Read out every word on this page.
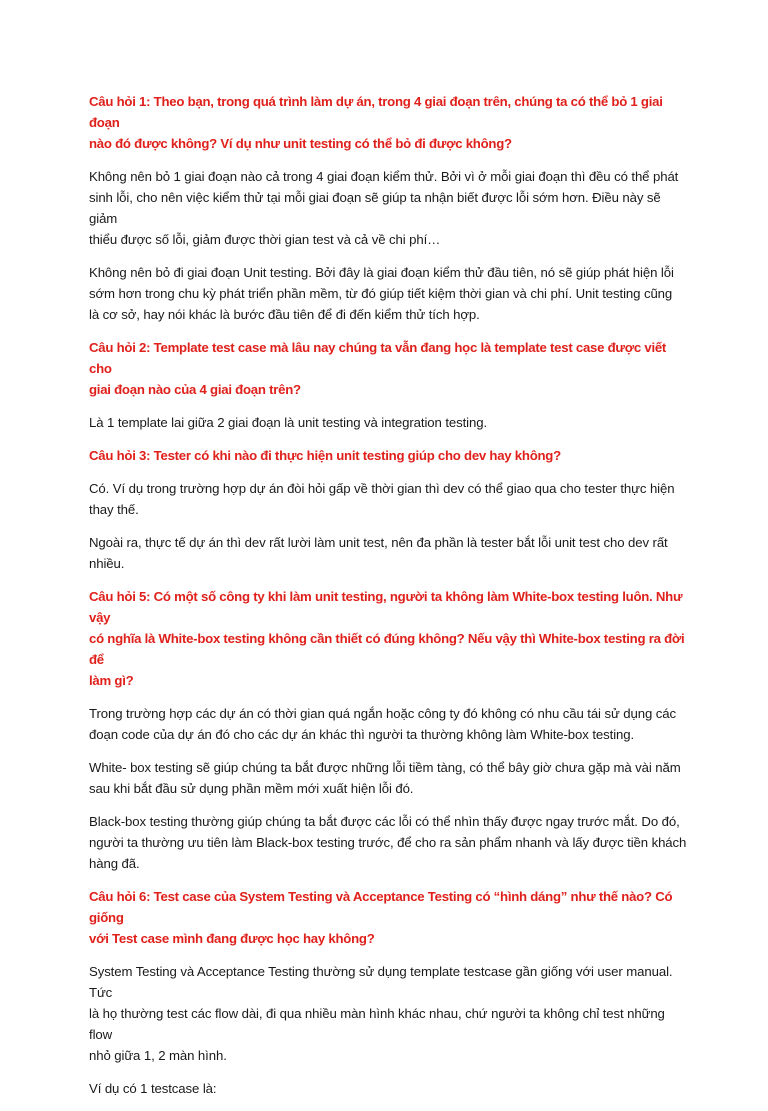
Câu hỏi 1: Theo bạn, trong quá trình làm dự án, trong 4 giai đoạn trên, chúng ta có thể bỏ 1 giai đoạn
nào đó được không? Ví dụ như unit testing có thể bỏ đi được không?

Không nên bỏ 1 giai đoạn nào cả trong 4 giai đoạn kiểm thử. Bởi vì ở mỗi giai đoạn thì đều có thể phát
sinh lỗi, cho nên việc kiểm thử tại mỗi giai đoạn sẽ giúp ta nhận biết được lỗi sớm hơn. Điều này sẽ giảm
thiểu được số lỗi, giảm được thời gian test và cả về chi phí…

Không nên bỏ đi giai đoạn Unit testing. Bởi đây là giai đoạn kiểm thử đầu tiên, nó sẽ giúp phát hiện lỗi
sớm hơn trong chu kỳ phát triển phần mềm, từ đó giúp tiết kiệm thời gian và chi phí. Unit testing cũng
là cơ sở, hay nói khác là bước đầu tiên để đi đến kiểm thử tích hợp.

Câu hỏi 2: Template test case mà lâu nay chúng ta vẫn đang học là template test case được viết cho
giai đoạn nào của 4 giai đoạn trên?

Là 1 template lai giữa 2 giai đoạn là unit testing và integration testing.

Câu hỏi 3: Tester có khi nào đi thực hiện unit testing giúp cho dev hay không?

Có. Ví dụ trong trường hợp dự án đòi hỏi gấp về thời gian thì dev có thể giao qua cho tester thực hiện
thay thế.

Ngoài ra, thực tế dự án thì dev rất lười làm unit test, nên đa phần là tester bắt lỗi unit test cho dev rất
nhiều.

Câu hỏi 5: Có một số công ty khi làm unit testing, người ta không làm White-box testing luôn. Như vậy
có nghĩa là White-box testing không cần thiết có đúng không? Nếu vậy thì White-box testing ra đời để
làm gì?

Trong trường hợp các dự án có thời gian quá ngắn hoặc công ty đó không có nhu cầu tái sử dụng các
đoạn code của dự án đó cho các dự án khác thì người ta thường không làm White-box testing.

White- box testing sẽ giúp chúng ta bắt được những lỗi tiềm tàng, có thể bây giờ chưa gặp mà vài năm
sau khi bắt đầu sử dụng phần mềm mới xuất hiện lỗi đó.

Black-box testing thường giúp chúng ta bắt được các lỗi có thể nhìn thấy được ngay trước mắt. Do đó,
người ta thường ưu tiên làm Black-box testing trước, để cho ra sản phẩm nhanh và lấy được tiền khách
hàng đã.

Câu hỏi 6: Test case của System Testing và Acceptance Testing có “hình dáng” như thế nào? Có giống
với Test case mình đang được học hay không?

System Testing và Acceptance Testing thường sử dụng template testcase gần giống với user manual. Tức
là họ thường test các flow dài, đi qua nhiều màn hình khác nhau, chứ người ta không chỉ test những flow
nhỏ giữa 1, 2 màn hình.

Ví dụ có 1 testcase là:
